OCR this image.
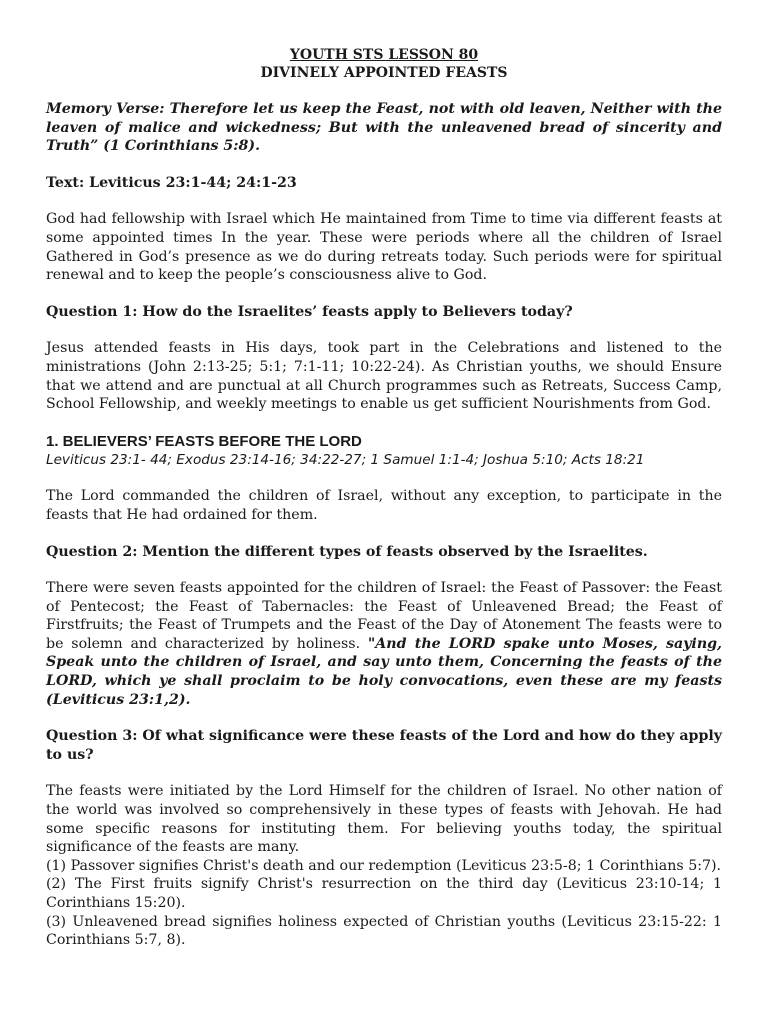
YOUTH STS LESSON 80
DIVINELY APPOINTED FEASTS

Memory Verse: Therefore let us keep the Feast, not with old leaven, Neither with the leaven of malice and wickedness; But with the unleavened bread of sincerity and Truth” (1 Corinthians 5:8).

Text: Leviticus 23:1-44; 24:1-23

God had fellowship with Israel which He maintained from Time to time via different feasts at some appointed times In the year. These were periods where all the children of Israel Gathered in God’s presence as we do during retreats today. Such periods were for spiritual renewal and to keep the people’s consciousness alive to God.

Question 1: How do the Israelites’ feasts apply to Believers today?

Jesus attended feasts in His days, took part in the Celebrations and listened to the ministrations (John 2:13-25; 5:1; 7:1-11; 10:22-24). As Christian youths, we should Ensure that we attend and are punctual at all Church programmes such as Retreats, Success Camp, School Fellowship, and weekly meetings to enable us get sufficient Nourishments from God.

1. BELIEVERS’ FEASTS BEFORE THE LORD

Leviticus 23:1- 44; Exodus 23:14-16; 34:22-27; 1 Samuel 1:1-4; Joshua 5:10; Acts 18:21

The Lord commanded the children of Israel, without any exception, to participate in the feasts that He had ordained for them.

Question 2: Mention the different types of feasts observed by the Israelites.

There were seven feasts appointed for the children of Israel: the Feast of Passover: the Feast of Pentecost; the Feast of Tabernacles: the Feast of Unleavened Bread; the Feast of Firstfruits; the Feast of Trumpets and the Feast of the Day of Atonement The feasts were to be solemn and characterized by holiness. "And the LORD spake unto Moses, saying, Speak unto the children of Israel, and say unto them, Concerning the feasts of the LORD, which ye shall proclaim to be holy convocations, even these are my feasts (Leviticus 23:1,2).

Question 3: Of what significance were these feasts of the Lord and how do they apply to us?

The feasts were initiated by the Lord Himself for the children of Israel. No other nation of the world was involved so comprehensively in these types of feasts with Jehovah. He had some specific reasons for instituting them. For believing youths today, the spiritual significance of the feasts are many.

(1) Passover signifies Christ's death and our redemption (Leviticus 23:5-8; 1 Corinthians 5:7).

(2) The First fruits signify Christ's resurrection on the third day (Leviticus 23:10-14; 1 Corinthians 15:20).

(3) Unleavened bread signifies holiness expected of Christian youths (Leviticus 23:15-22: 1 Corinthians 5:7, 8).
